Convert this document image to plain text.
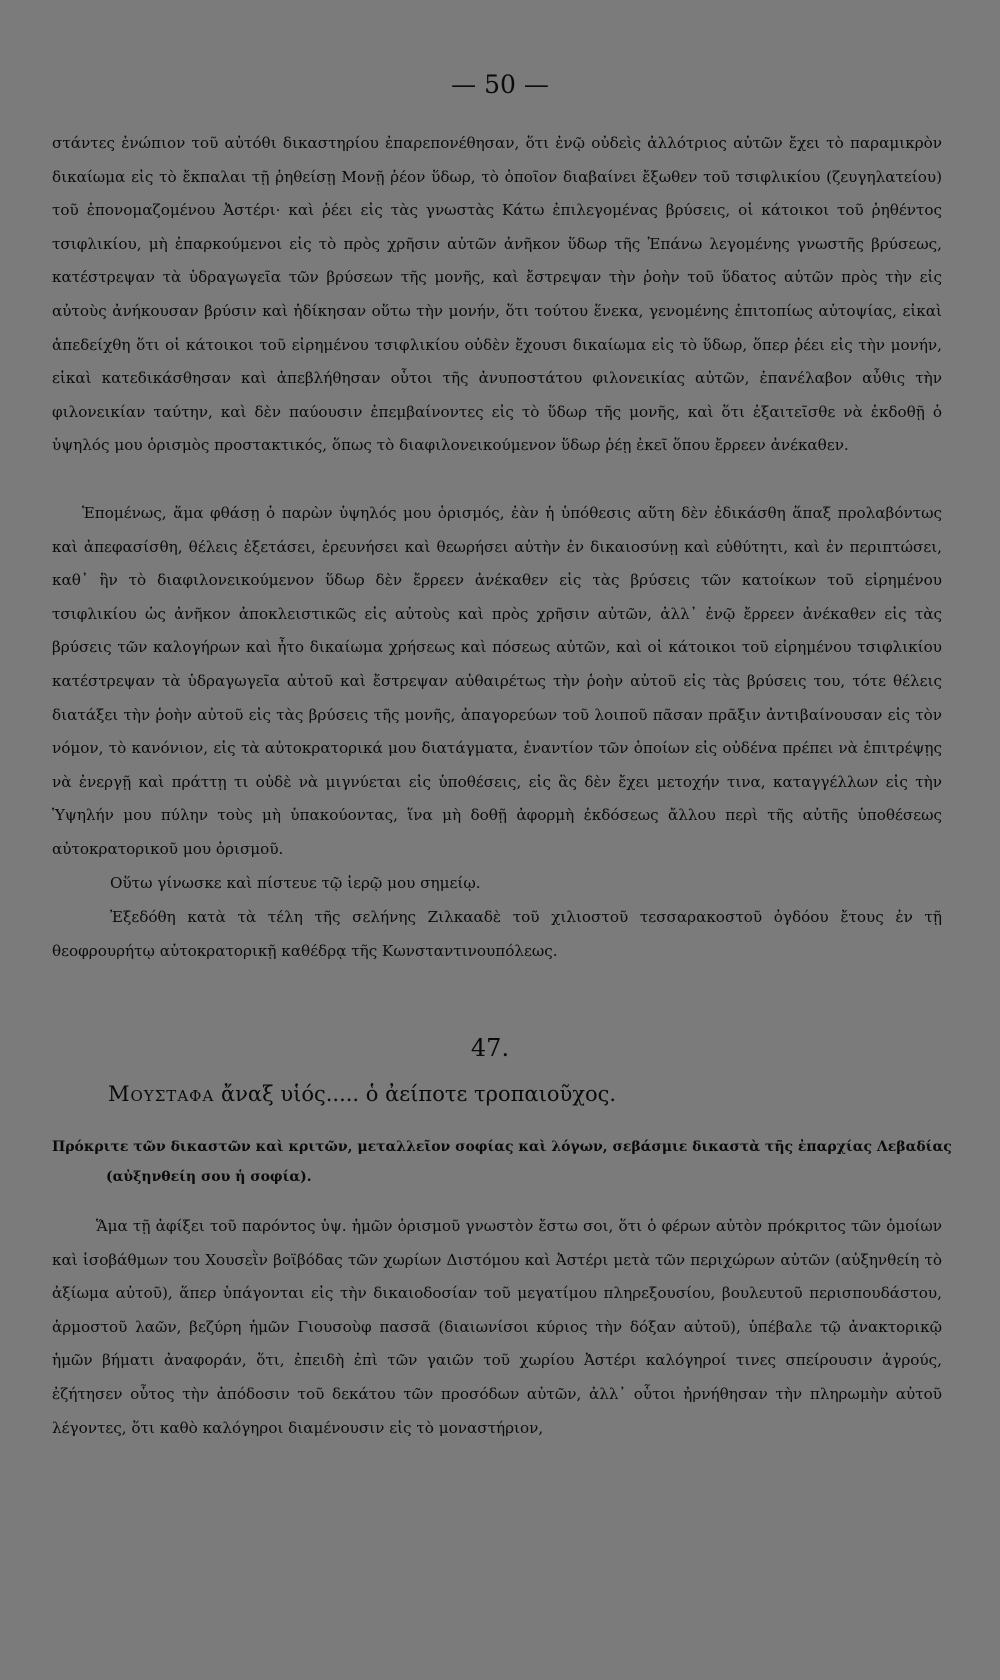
— 50 —
στάντες ἐνώπιον τοῦ αὐτόθι δικαστηρίου ἐπαρεπονέθησαν, ὅτι ἐνῷ οὐδεὶς ἀλλότριος αὐτῶν ἔχει τὸ παραμικρὸν δικαίωμα εἰς τὸ ἔκπαλαι τῇ ῥηθείσῃ Μονῇ ῥέον ὕδωρ, τὸ ὁποῖον διαβαίνει ἔξωθεν τοῦ τσιφλικίου (ζευγηλατείου) τοῦ ἐπονομαζομένου Ἀστέρι· καὶ ῥέει εἰς τὰς γνωστὰς Κάτω ἐπιλεγομένας βρύσεις, οἱ κάτοικοι τοῦ ῥηθέντος τσιφλικίου, μὴ ἐπαρκούμενοι εἰς τὸ πρὸς χρῆσιν αὐτῶν ἀνῆκον ὕδωρ τῆς Ἐπάνω λεγομένης γνωστῆς βρύσεως, κατέστρεψαν τὰ ὑδραγωγεῖα τῶν βρύσεων τῆς μονῆς, καὶ ἔστρεψαν τὴν ῥοὴν τοῦ ὕδατος αὐτῶν πρὸς τὴν εἰς αὐτοὺς ἀνήκουσαν βρύσιν καὶ ἠδίκησαν οὕτω τὴν μονήν, ὅτι τούτου ἕνεκα, γενομένης ἐπιτοπίως αὐτοψίας, εἰκαὶ ἀπεδείχθη ὅτι οἱ κάτοικοι τοῦ εἰρημένου τσιφλικίου οὐδὲν ἔχουσι δικαίωμα εἰς τὸ ὕδωρ, ὅπερ ῥέει εἰς τὴν μονήν, εἰκαὶ κατεδικάσθησαν καὶ ἀπεβλήθησαν οὗτοι τῆς ἀνυποστάτου φιλονεικίας αὐτῶν, ἐπανέλαβον αὖθις τὴν φιλονεικίαν ταύτην, καὶ δὲν παύουσιν ἐπεμβαίνοντες εἰς τὸ ὕδωρ τῆς μονῆς, καὶ ὅτι ἐξαιτεῖσθε νὰ ἐκδοθῇ ὁ ὑψηλός μου ὁρισμὸς προστακτικός, ὅπως τὸ διαφιλονεικούμενον ὕδωρ ῥέῃ ἐκεῖ ὅπου ἔρρεεν ἀνέκαθεν.
Ἑπομένως, ἅμα φθάσῃ ὁ παρὼν ὑψηλός μου ὁρισμός, ἐὰν ἡ ὑπόθεσις αὕτη δὲν ἐδικάσθη ἅπαξ προλαβόντως καὶ ἀπεφασίσθη, θέλεις ἐξετάσει, ἐρευνήσει καὶ θεωρήσει αὐτὴν ἐν δικαιοσύνῃ καὶ εὐθύτητι, καὶ ἐν περιπτώσει, καθ᾽ ἣν τὸ διαφιλονεικούμενον ὕδωρ δὲν ἔρρεεν ἀνέκαθεν εἰς τὰς βρύσεις τῶν κατοίκων τοῦ εἰρημένου τσιφλικίου ὡς ἀνῆκον ἀποκλειστικῶς εἰς αὐτοὺς καὶ πρὸς χρῆσιν αὐτῶν, ἀλλ᾽ ἐνῷ ἔρρεεν ἀνέκαθεν εἰς τὰς βρύσεις τῶν καλογήρων καὶ ἦτο δικαίωμα χρήσεως καὶ πόσεως αὐτῶν, καὶ οἱ κάτοικοι τοῦ εἰρημένου τσιφλικίου κατέστρεψαν τὰ ὑδραγωγεῖα αὐτοῦ καὶ ἔστρεψαν αὐθαιρέτως τὴν ῥοὴν αὐτοῦ εἰς τὰς βρύσεις του, τότε θέλεις διατάξει τὴν ῥοὴν αὐτοῦ εἰς τὰς βρύσεις τῆς μονῆς, ἀπαγορεύων τοῦ λοιποῦ πᾶσαν πρᾶξιν ἀντιβαίνουσαν εἰς τὸν νόμον, τὸ κανόνιον, εἰς τὰ αὐτοκρατορικά μου διατάγματα, ἐναντίον τῶν ὁποίων εἰς οὐδένα πρέπει νὰ ἐπιτρέψῃς νὰ ἐνεργῇ καὶ πράττῃ τι οὐδὲ νὰ μιγνύεται εἰς ὑποθέσεις, εἰς ἃς δὲν ἔχει μετοχήν τινα, καταγγέλλων εἰς τὴν Ὑψηλήν μου πύλην τοὺς μὴ ὑπακούοντας, ἵνα μὴ δοθῇ ἀφορμὴ ἐκδόσεως ἄλλου περὶ τῆς αὐτῆς ὑποθέσεως αὐτοκρατορικοῦ μου ὁρισμοῦ.
Οὕτω γίνωσκε καὶ πίστευε τῷ ἱερῷ μου σημείῳ.
Ἐξεδόθη κατὰ τὰ τέλη τῆς σελήνης Ζιλκααδὲ τοῦ χιλιοστοῦ τεσσαρακοστοῦ ὀγδόου ἔτους ἐν τῇ θεοφρουρήτῳ αὐτοκρατορικῇ καθέδρᾳ τῆς Κωνσταντινουπόλεως.
47.
Μουσταφα ἄναξ υἱός..... ὁ ἀείποτε τροπαιοῦχος.
Πρόκριτε τῶν δικαστῶν καὶ κριτῶν, μεταλλεῖον σοφίας καὶ λόγων, σεβάσμιε δικαστὰ τῆς ἐπαρχίας Λεβαδίας (αὐξηνθείη σου ἡ σοφία).
Ἅμα τῇ ἀφίξει τοῦ παρόντος ὑψ. ἡμῶν ὁρισμοῦ γνωστὸν ἔστω σοι, ὅτι ὁ φέρων αὐτὸν πρόκριτος τῶν ὁμοίων καὶ ἰσοβάθμων του Χουσεῒν βοϊβόδας τῶν χωρίων Διστόμου καὶ Ἀστέρι μετὰ τῶν περιχώρων αὐτῶν (αὐξηνθείη τὸ ἀξίωμα αὐτοῦ), ἅπερ ὑπάγονται εἰς τὴν δικαιοδοσίαν τοῦ μεγατίμου πληρεξουσίου, βουλευτοῦ περισπουδάστου, ἁρμοστοῦ λαῶν, βεζύρη ἡμῶν Γιουσοὺφ πασσᾶ (διαιωνίσοι κύριος τὴν δόξαν αὐτοῦ), ὑπέβαλε τῷ ἀνακτορικῷ ἡμῶν βήματι ἀναφοράν, ὅτι, ἐπειδὴ ἐπὶ τῶν γαιῶν τοῦ χωρίου Ἀστέρι καλόγηροί τινες σπείρουσιν ἀγρούς, ἐζήτησεν οὗτος τὴν ἀπόδοσιν τοῦ δεκάτου τῶν προσόδων αὐτῶν, ἀλλ᾽ οὗτοι ἠρνήθησαν τὴν πληρωμὴν αὐτοῦ λέγοντες, ὅτι καθὸ καλόγηροι διαμένουσιν εἰς τὸ μοναστήριον,
